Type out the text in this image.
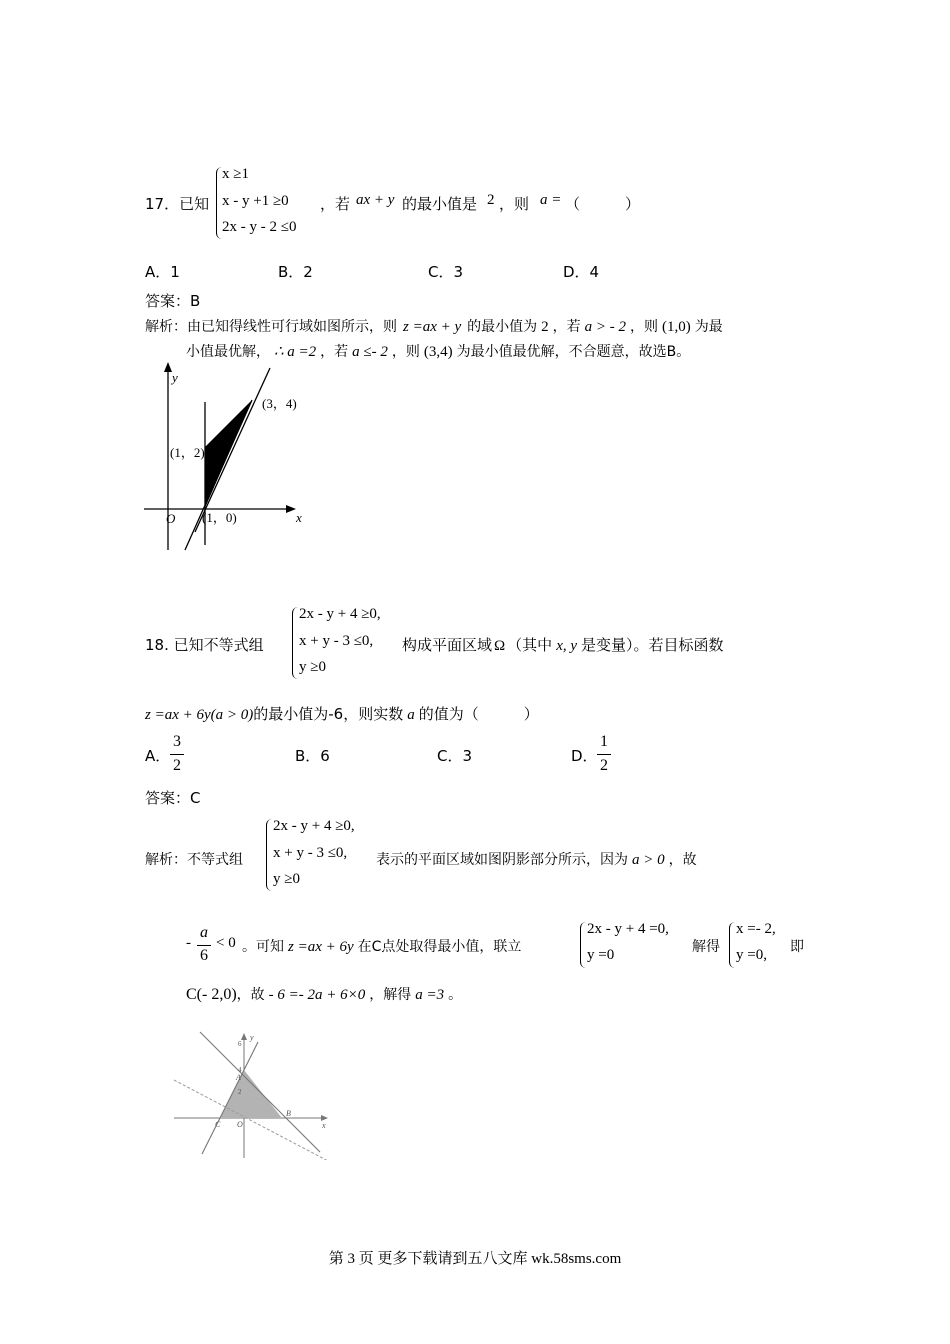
17．已知
x ≥1
x - y +1 ≥0
2x - y - 2 ≤0
，若 ax + y 的最小值是 2 ，则 a = （　　　）
A．1	B．2	C．3	D．4
答案：B
解析：由已知得线性可行域如图所示，则 z =ax + y 的最小值为 2 ，若 a > - 2 ，则 (1,0) 为最
小值最优解， ∴ a =2 ，若 a ≤- 2 ，则 (3,4) 为最小值最优解，不合题意，故选B。
y
x
O
(3，4)
(1，2)
(1，0)
18. 已知不等式组
2x - y + 4 ≥0,
x + y - 3 ≤0,
y ≥0
构成平面区域 Ω （其中 x, y 是变量）。若目标函数
z =ax + 6y(a > 0)的最小值为-6，则实数 a 的值为（　　　）
A．
3
2
B．6	C．3	D．
1
2
答案：C
解析：不等式组
2x - y + 4 ≥0,
x + y - 3 ≤0,
y ≥0
表示的平面区域如图阴影部分所示，因为 a > 0 ，故
-
a
6
< 0 。可知 z =ax + 6y 在C点处取得最小值，联立
2x - y + 4 =0,
y =0	解得
x =- 2,
y =0, 即
C(- 2,0)，故 - 6 =- 2a + 6×0 ，解得 a =3 。
y
x
6
4
2
A
B
C O
第 3 页 更多下载请到五八文库 wk.58sms.com
